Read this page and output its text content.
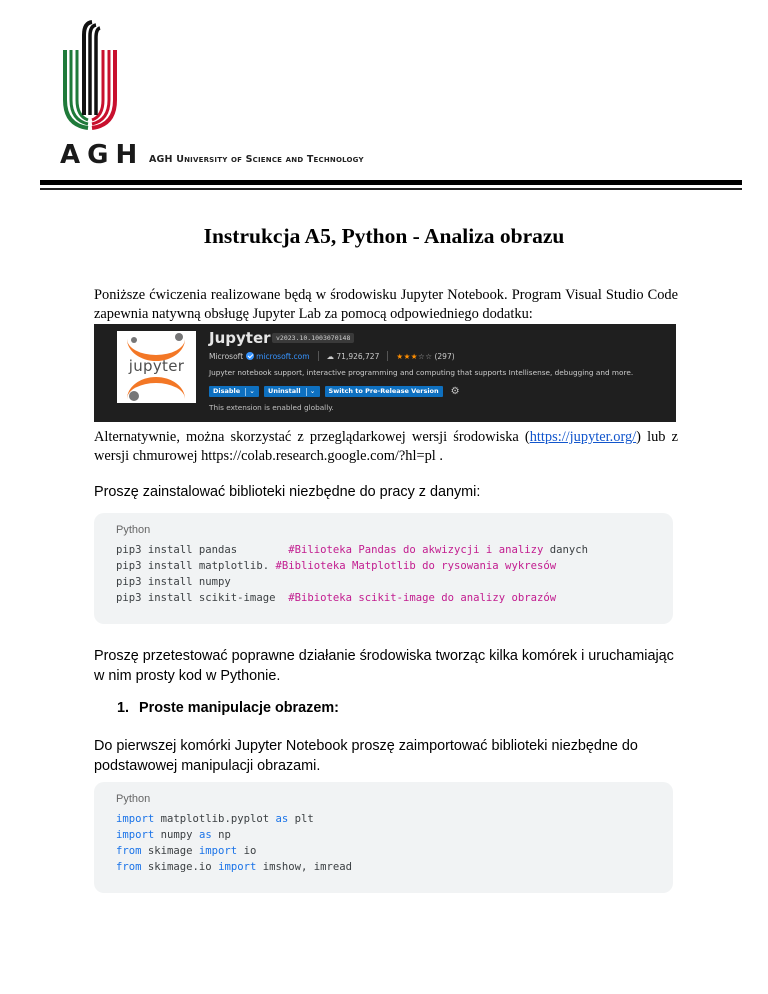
AGH AGH University of Science and Technology
Instrukcja A5, Python - Analiza obrazu
Poniższe ćwiczenia realizowane będą w środowisku Jupyter Notebook. Program Visual Studio Code
zapewnia natywną obsługę Jupyter Lab za pomocą odpowiedniego dodatku:
jupyter
Jupyter v2023.10.1003070148
Microsoft microsoft.com ☁ 71,926,727 ★★★☆☆ (297)
Jupyter notebook support, interactive programming and computing that supports Intellisense, debugging and more.
Disable ⌄ Uninstall ⌄	Switch to Pre-Release Version	⚙
This extension is enabled globally.
Alternatywnie, można skorzystać z przeglądarkowej wersji środowiska (https://jupyter.org/) lub z
wersji chmurowej https://colab.research.google.com/?hl=pl .
Proszę zainstalować biblioteki niezbędne do pracy z danymi:
Python
pip3 install pandas        #Bilioteka Pandas do akwizycji i analizy danych
pip3 install matplotlib. #Biblioteka Matplotlib do rysowania wykresów
pip3 install numpy
pip3 install scikit-image  #Bibioteka scikit-image do analizy obrazów
Proszę przetestować poprawne działanie środowiska tworząc kilka komórek i uruchamiając
w nim prosty kod w Pythonie.
1. Proste manipulacje obrazem:
Do pierwszej komórki Jupyter Notebook proszę zaimportować biblioteki niezbędne do
podstawowej manipulacji obrazami.
Python
import matplotlib.pyplot as plt
import numpy as np
from skimage import io
from skimage.io import imshow, imread
